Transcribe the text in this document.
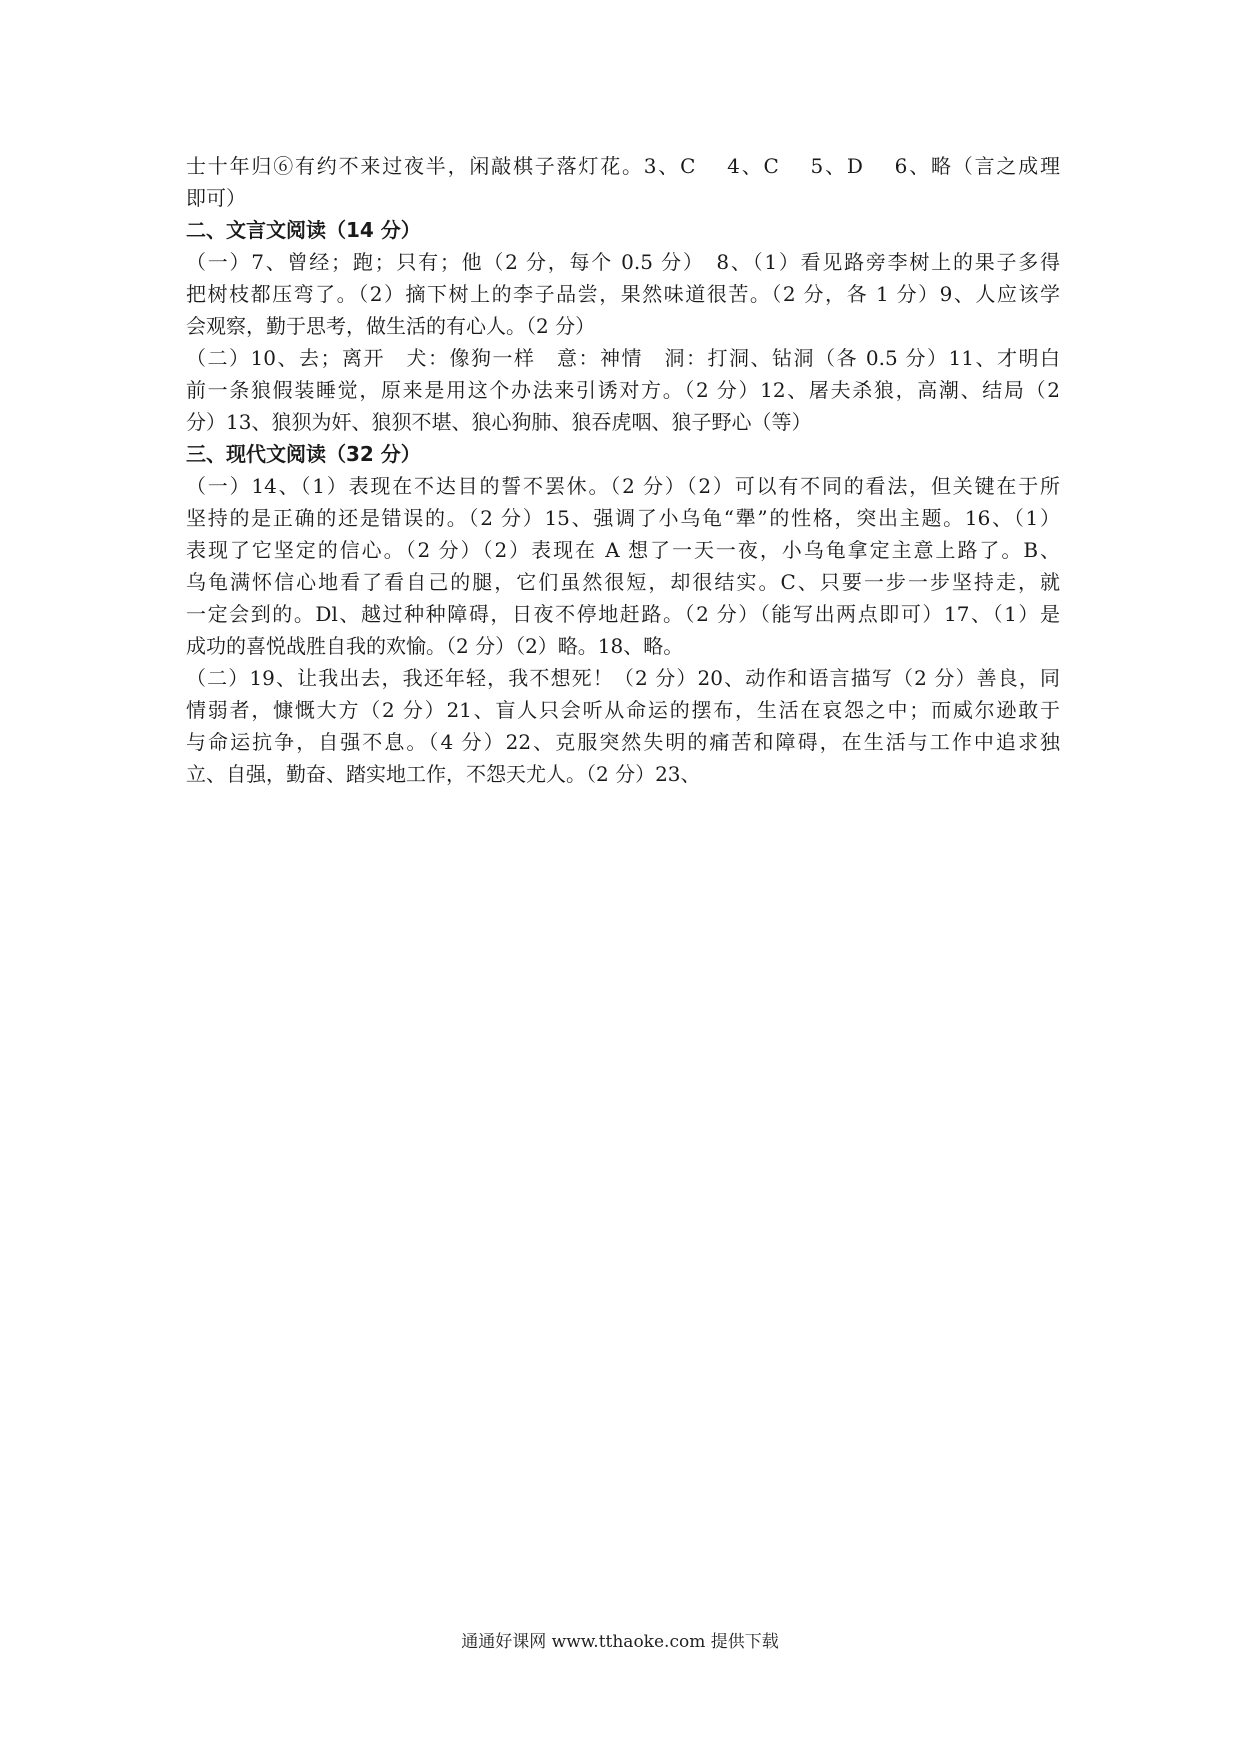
士十年归⑥有约不来过夜半，闲敲棋子落灯花。3、C　 4、C　 5、D　 6、略（言之成理
即可）
二、文言文阅读（14 分）
（一）7、曾经；跑；只有；他（2 分，每个 0.5 分）　8、（1）看见路旁李树上的果子多得
把树枝都压弯了。（2）摘下树上的李子品尝，果然味道很苦。（2 分，各 1 分）9、人应该学
会观察，勤于思考，做生活的有心人。（2 分）
（二）10、去；离开　犬：像狗一样　意：神情　洞：打洞、钻洞（各 0.5 分）11、才明白
前一条狼假装睡觉，原来是用这个办法来引诱对方。（2 分）12、屠夫杀狼，高潮、结局（2
分）13、狼狈为奸、狼狈不堪、狼心狗肺、狼吞虎咽、狼子野心（等）
三、现代文阅读（32 分）
（一）14、（1）表现在不达目的誓不罢休。（2 分）（2）可以有不同的看法，但关键在于所
坚持的是正确的还是错误的。（2 分）15、强调了小乌龟“犟”的性格，突出主题。16、（1）
表现了它坚定的信心。（2 分）（2）表现在 A 想了一天一夜，小乌龟拿定主意上路了。B、
乌龟满怀信心地看了看自己的腿，它们虽然很短，却很结实。C、只要一步一步坚持走，就
一定会到的。Dl、越过种种障碍，日夜不停地赶路。（2 分）（能写出两点即可）17、（1）是
成功的喜悦战胜自我的欢愉。（2 分）（2）略。18、略。
（二）19、让我出去，我还年轻，我不想死！（2 分）20、动作和语言描写（2 分）善良，同
情弱者，慷慨大方（2 分）21、盲人只会听从命运的摆布，生活在哀怨之中；而威尔逊敢于
与命运抗争，自强不息。（4 分）22、克服突然失明的痛苦和障碍，在生活与工作中追求独
立、自强，勤奋、踏实地工作，不怨天尤人。（2 分）23、
通通好课网 www.tthaoke.com 提供下载
